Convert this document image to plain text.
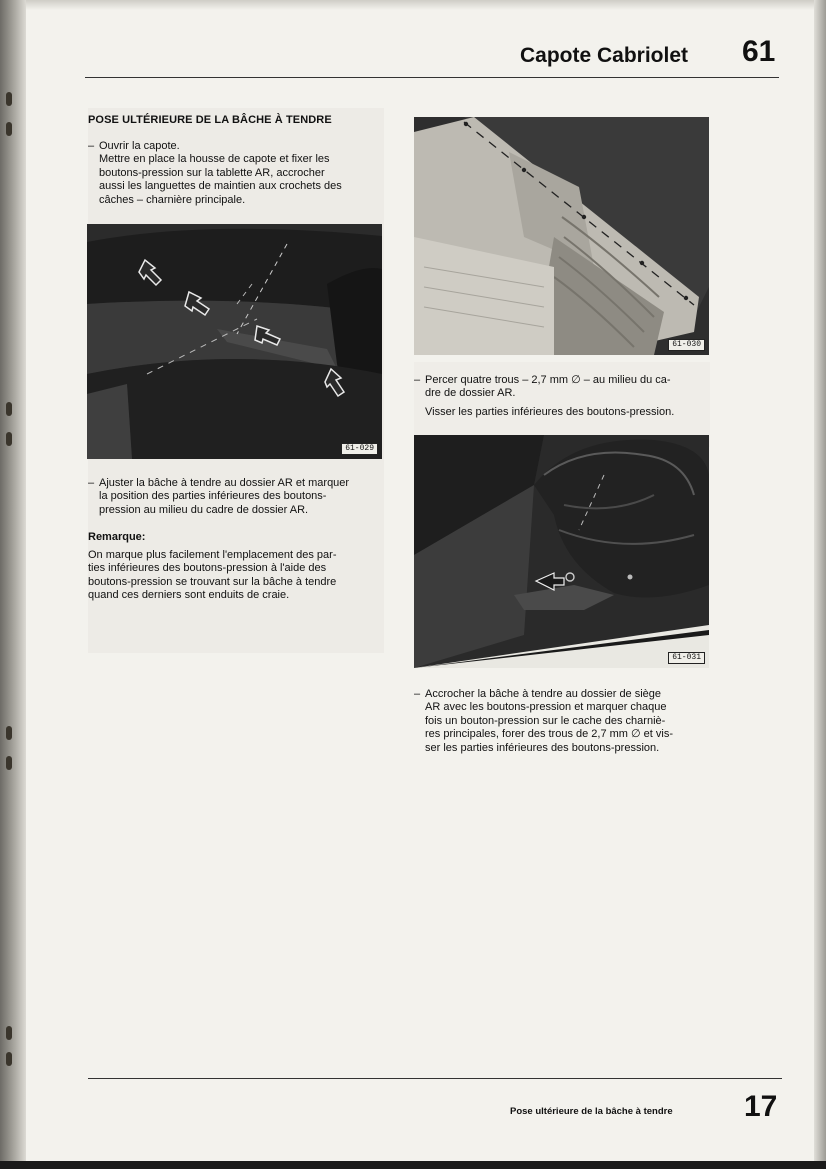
Capote Cabriolet 61
POSE ULTÉRIEURE DE LA BÂCHE À TENDRE
– Ouvrir la capote.
Mettre en place la housse de capote et fixer les
boutons-pression sur la tablette AR, accrocher
aussi les languettes de maintien aux crochets des
câches – charnière principale.
61-029
– Ajuster la bâche à tendre au dossier AR et marquer
la position des parties inférieures des boutons-
pression au milieu du cadre de dossier AR.
Remarque:
On marque plus facilement l'emplacement des par-
ties inférieures des boutons-pression à l'aide des
boutons-pression se trouvant sur la bâche à tendre
quand ces derniers sont enduits de craie.
61-030
– Percer quatre trous – 2,7 mm ∅ – au milieu du ca-
dre de dossier AR.
Visser les parties inférieures des boutons-pression.
61-031
– Accrocher la bâche à tendre au dossier de siège
AR avec les boutons-pression et marquer chaque
fois un bouton-pression sur le cache des charniè-
res principales, forer des trous de 2,7 mm ∅ et vis-
ser les parties inférieures des boutons-pression.
Pose ultérieure de la bâche à tendre 17
